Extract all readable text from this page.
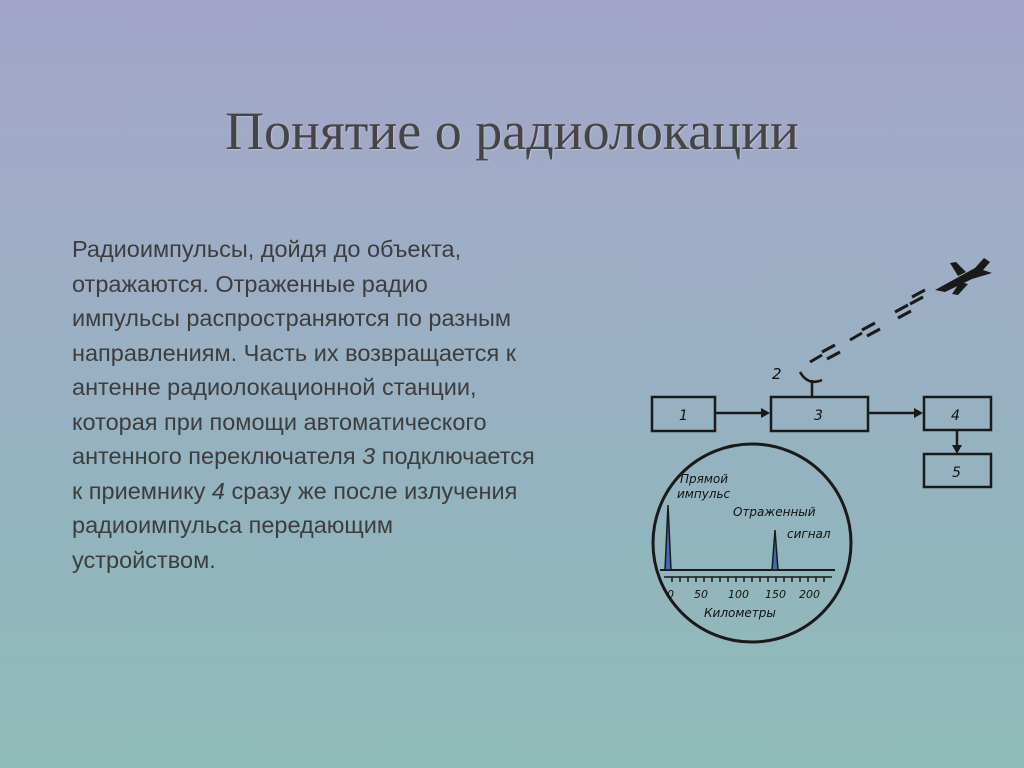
Понятие о радиолокации
Радиоимпульсы, дойдя до объекта,
отражаются. Отраженные радио
импульсы распространяются по разным
направлениям. Часть их возвращается к
антенне радиолокационной станции,
которая при помощи автоматического
антенного переключателя 3 подключается
к приемнику 4 сразу же после излучения
радиоимпульса передающим
устройством.
2
1	3	4
5
Прямой
импульс
Отраженный
сигнал
0 50 100 150 200
Километры
